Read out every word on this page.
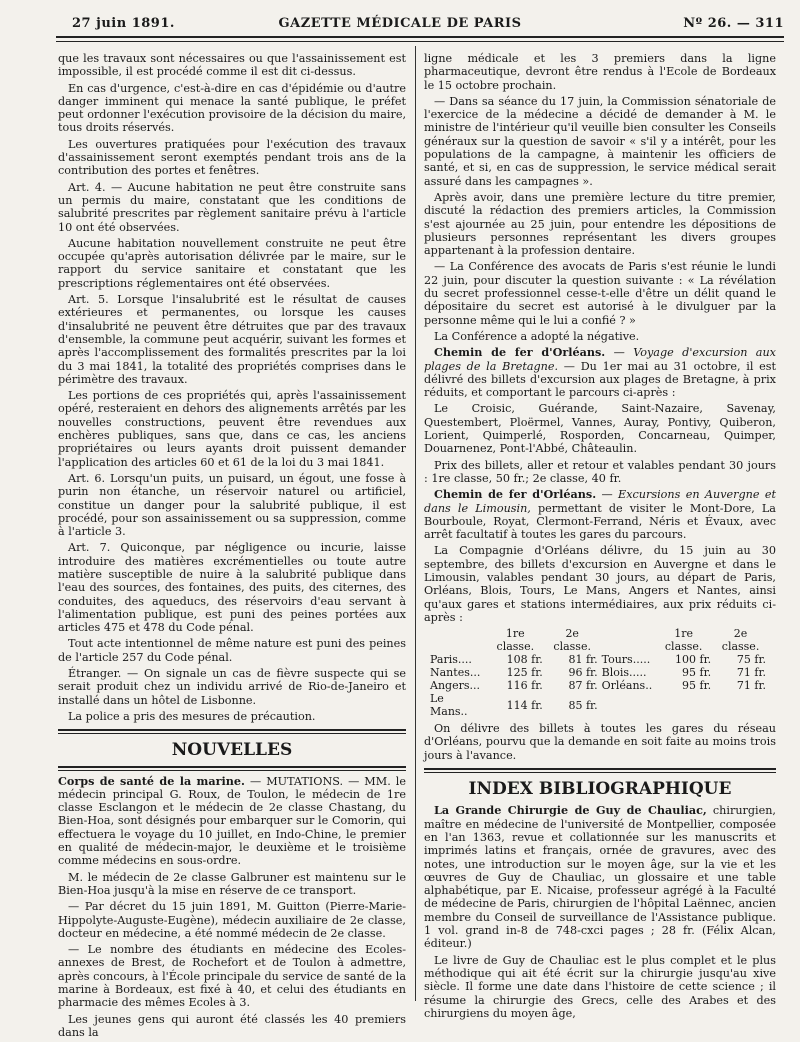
27 juin 1891.	GAZETTE MÉDICALE DE PARIS	Nº 26. — 311

que les travaux sont nécessaires ou que l'assainissement est impossible, il est procédé comme il est dit ci-dessus.

En cas d'urgence, c'est-à-dire en cas d'épidémie ou d'autre danger imminent qui menace la santé publique, le préfet peut ordonner l'exécution provisoire de la décision du maire, tous droits réservés.

Les ouvertures pratiquées pour l'exécution des travaux d'assainissement seront exemptés pendant trois ans de la contribution des portes et fenêtres.

Art. 4. — Aucune habitation ne peut être construite sans un permis du maire, constatant que les conditions de salubrité prescrites par règlement sanitaire prévu à l'article 10 ont été observées.

Aucune habitation nouvellement construite ne peut être occupée qu'après autorisation délivrée par le maire, sur le rapport du service sanitaire et constatant que les prescriptions réglementaires ont été observées.

Art. 5. Lorsque l'insalubrité est le résultat de causes extérieures et permanentes, ou lorsque les causes d'insalubrité ne peuvent être détruites que par des travaux d'ensemble, la commune peut acquérir, suivant les formes et après l'accomplissement des formalités prescrites par la loi du 3 mai 1841, la totalité des propriétés comprises dans le périmètre des travaux.

Les portions de ces propriétés qui, après l'assainissement opéré, resteraient en dehors des alignements arrêtés par les nouvelles constructions, peuvent être revendues aux enchères publiques, sans que, dans ce cas, les anciens propriétaires ou leurs ayants droit puissent demander l'application des articles 60 et 61 de la loi du 3 mai 1841.

Art. 6. Lorsqu'un puits, un puisard, un égout, une fosse à purin non étanche, un réservoir naturel ou artificiel, constitue un danger pour la salubrité publique, il est procédé, pour son assainissement ou sa suppression, comme à l'article 3.

Art. 7. Quiconque, par négligence ou incurie, laisse introduire des matières excrémentielles ou toute autre matière susceptible de nuire à la salubrité publique dans l'eau des sources, des fontaines, des puits, des citernes, des conduites, des aqueducs, des réservoirs d'eau servant à l'alimentation publique, est puni des peines portées aux articles 475 et 478 du Code pénal.

Tout acte intentionnel de même nature est puni des peines de l'article 257 du Code pénal.

Étranger. — On signale un cas de fièvre suspecte qui se serait produit chez un individu arrivé de Rio-de-Janeiro et installé dans un hôtel de Lisbonne.

La police a pris des mesures de précaution.

NOUVELLES

Corps de santé de la marine. — MUTATIONS. — MM. le médecin principal G. Roux, de Toulon, le médecin de 1re classe Esclangon et le médecin de 2e classe Chastang, du Bien-Hoa, sont désignés pour embarquer sur le Comorin, qui effectuera le voyage du 10 juillet, en Indo-Chine, le premier en qualité de médecin-major, le deuxième et le troisième comme médecins en sous-ordre.

M. le médecin de 2e classe Galbruner est maintenu sur le Bien-Hoa jusqu'à la mise en réserve de ce transport.

— Par décret du 15 juin 1891, M. Guitton (Pierre-Marie-Hippolyte-Auguste-Eugène), médecin auxiliaire de 2e classe, docteur en médecine, a été nommé médecin de 2e classe.

— Le nombre des étudiants en médecine des Ecoles-annexes de Brest, de Rochefort et de Toulon à admettre, après concours, à l'École principale du service de santé de la marine à Bordeaux, est fixé à 40, et celui des étudiants en pharmacie des mêmes Ecoles à 3.

Les jeunes gens qui auront été classés les 40 premiers dans la

ligne médicale et les 3 premiers dans la ligne pharmaceutique, devront être rendus à l'Ecole de Bordeaux le 15 octobre prochain.

— Dans sa séance du 17 juin, la Commission sénatoriale de l'exercice de la médecine a décidé de demander à M. le ministre de l'intérieur qu'il veuille bien consulter les Conseils généraux sur la question de savoir « s'il y a intérêt, pour les populations de la campagne, à maintenir les officiers de santé, et si, en cas de suppression, le service médical serait assuré dans les campagnes ».

Après avoir, dans une première lecture du titre premier, discuté la rédaction des premiers articles, la Commission s'est ajournée au 25 juin, pour entendre les dépositions de plusieurs personnes représentant les divers groupes appartenant à la profession dentaire.

— La Conférence des avocats de Paris s'est réunie le lundi 22 juin, pour discuter la question suivante : « La révélation du secret professionnel cesse-t-elle d'être un délit quand le dépositaire du secret est autorisé à le divulguer par la personne même qui le lui a confié ? »

La Conférence a adopté la négative.

Chemin de fer d'Orléans. — Voyage d'excursion aux plages de la Bretagne. — Du 1er mai au 31 octobre, il est délivré des billets d'excursion aux plages de Bretagne, à prix réduits, et comportant le parcours ci-après :

Le Croisic, Guérande, Saint-Nazaire, Savenay, Questembert, Ploërmel, Vannes, Auray, Pontivy, Quiberon, Lorient, Quimperlé, Rosporden, Concarneau, Quimper, Douarnenez, Pont-l'Abbé, Châteaulin.

Prix des billets, aller et retour et valables pendant 30 jours : 1re classe, 50 fr.; 2e classe, 40 fr.

Chemin de fer d'Orléans. — Excursions en Auvergne et dans le Limousin, permettant de visiter le Mont-Dore, La Bourboule, Royat, Clermont-Ferrand, Néris et Évaux, avec arrêt facultatif à toutes les gares du parcours.

La Compagnie d'Orléans délivre, du 15 juin au 30 septembre, des billets d'excursion en Auvergne et dans le Limousin, valables pendant 30 jours, au départ de Paris, Orléans, Blois, Tours, Le Mans, Angers et Nantes, ainsi qu'aux gares et stations intermédiaires, aux prix réduits ci-après :

	1re classe.	2e classe.		1re classe.	2e classe.
Paris....	108 fr.	81 fr.	Tours.....	100 fr.	75 fr.
Nantes...	125 fr.	96 fr.	Blois.....	95 fr.	71 fr.
Angers...	116 fr.	87 fr.	Orléans..	95 fr.	71 fr.
Le Mans..	114 fr.	85 fr.			

On délivre des billets à toutes les gares du réseau d'Orléans, pourvu que la demande en soit faite au moins trois jours à l'avance.

INDEX BIBLIOGRAPHIQUE

La Grande Chirurgie de Guy de Chauliac, chirurgien, maître en médecine de l'université de Montpellier, composée en l'an 1363, revue et collationnée sur les manuscrits et imprimés latins et français, ornée de gravures, avec des notes, une introduction sur le moyen âge, sur la vie et les œuvres de Guy de Chauliac, un glossaire et une table alphabétique, par E. Nicaise, professeur agrégé à la Faculté de médecine de Paris, chirurgien de l'hôpital Laënnec, ancien membre du Conseil de surveillance de l'Assistance publique. 1 vol. grand in-8 de 748-cxci pages ; 28 fr. (Félix Alcan, éditeur.)

Le livre de Guy de Chauliac est le plus complet et le plus méthodique qui ait été écrit sur la chirurgie jusqu'au xive siècle. Il forme une date dans l'histoire de cette science ; il résume la chirurgie des Grecs, celle des Arabes et des chirurgiens du moyen âge,
